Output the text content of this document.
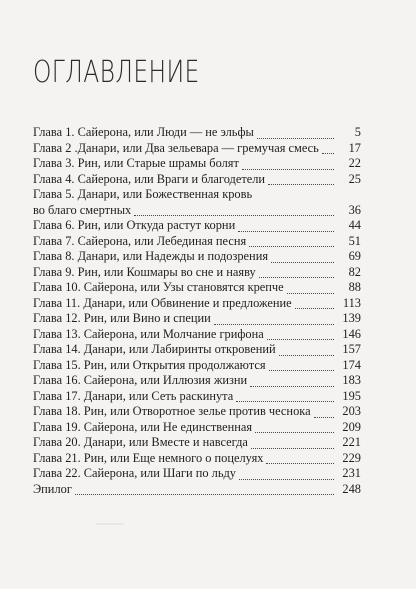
ОГЛАВЛЕНИЕ
Глава 1. Сайерона, или Люди — не эльфы	5
Глава 2 .Данари, или Два зельевара — гремучая смесь	17
Глава 3. Рин, или Старые шрамы болят	22
Глава 4. Сайерона, или Враги и благодетели	25
Глава 5. Данари, или Божественная кровь
во благо смертных	36
Глава 6. Рин, или Откуда растут корни	44
Глава 7. Сайерона, или Лебединая песня	51
Глава 8. Данари, или Надежды и подозрения	69
Глава 9. Рин, или Кошмары во сне и наяву	82
Глава 10. Сайерона, или Узы становятся крепче	88
Глава 11. Данари, или Обвинение и предложение	113
Глава 12. Рин, или Вино и специи	139
Глава 13. Сайерона, или Молчание грифона	146
Глава 14. Данари, или Лабиринты откровений	157
Глава 15. Рин, или Открытия продолжаются	174
Глава 16. Сайерона, или Иллюзия жизни	183
Глава 17. Данари, или Сеть раскинута	195
Глава 18. Рин, или Отворотное зелье против чеснока	203
Глава 19. Сайерона, или Не единственная	209
Глава 20. Данари, или Вместе и навсегда	221
Глава 21. Рин, или Еще немного о поцелуях	229
Глава 22. Сайерона, или Шаги по льду	231
Эпилог	248
